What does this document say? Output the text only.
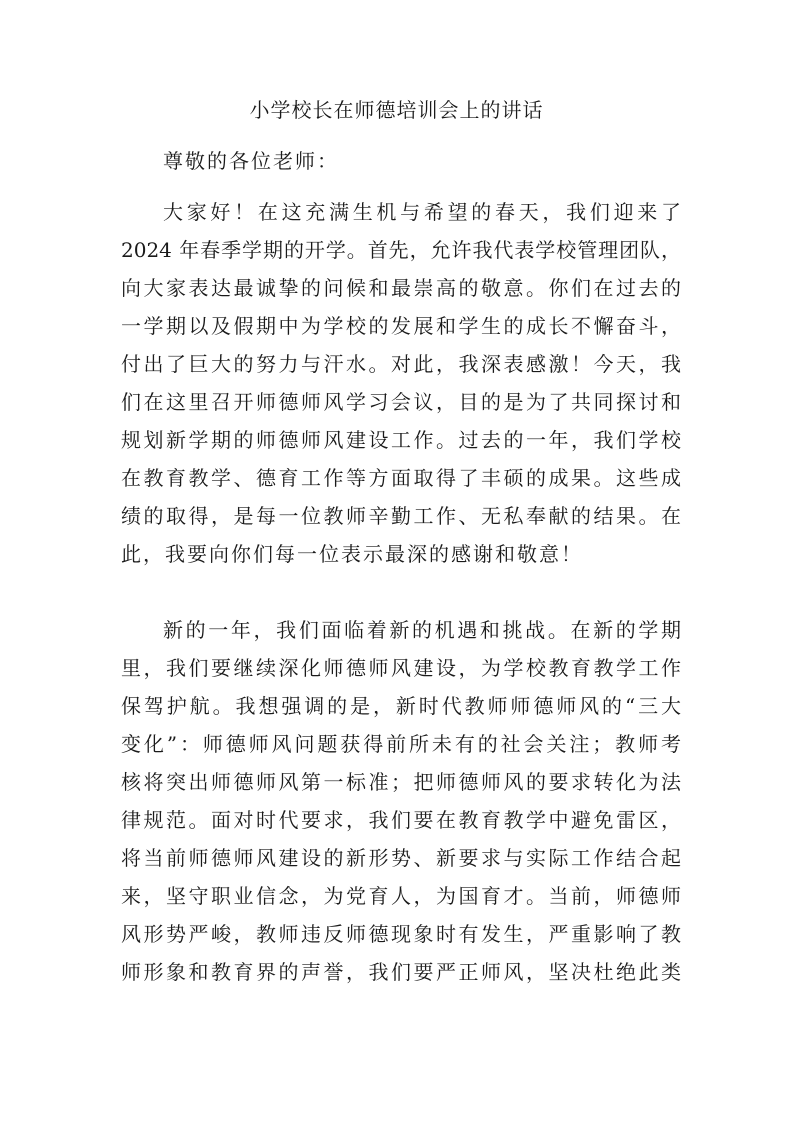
小学校长在师德培训会上的讲话
尊敬的各位老师：
大家好！在这充满生机与希望的春天，我们迎来了
2024 年春季学期的开学。首先，允许我代表学校管理团队，
向大家表达最诚挚的问候和最崇高的敬意。你们在过去的
一学期以及假期中为学校的发展和学生的成长不懈奋斗，
付出了巨大的努力与汗水。对此，我深表感激！今天，我
们在这里召开师德师风学习会议，目的是为了共同探讨和
规划新学期的师德师风建设工作。过去的一年，我们学校
在教育教学、德育工作等方面取得了丰硕的成果。这些成
绩的取得，是每一位教师辛勤工作、无私奉献的结果。在
此，我要向你们每一位表示最深的感谢和敬意！
新的一年，我们面临着新的机遇和挑战。在新的学期
里，我们要继续深化师德师风建设，为学校教育教学工作
保驾护航。我想强调的是，新时代教师师德师风的“三大
变化”：师德师风问题获得前所未有的社会关注；教师考
核将突出师德师风第一标准；把师德师风的要求转化为法
律规范。面对时代要求，我们要在教育教学中避免雷区，
将当前师德师风建设的新形势、新要求与实际工作结合起
来，坚守职业信念，为党育人，为国育才。当前，师德师
风形势严峻，教师违反师德现象时有发生，严重影响了教
师形象和教育界的声誉，我们要严正师风，坚决杜绝此类
